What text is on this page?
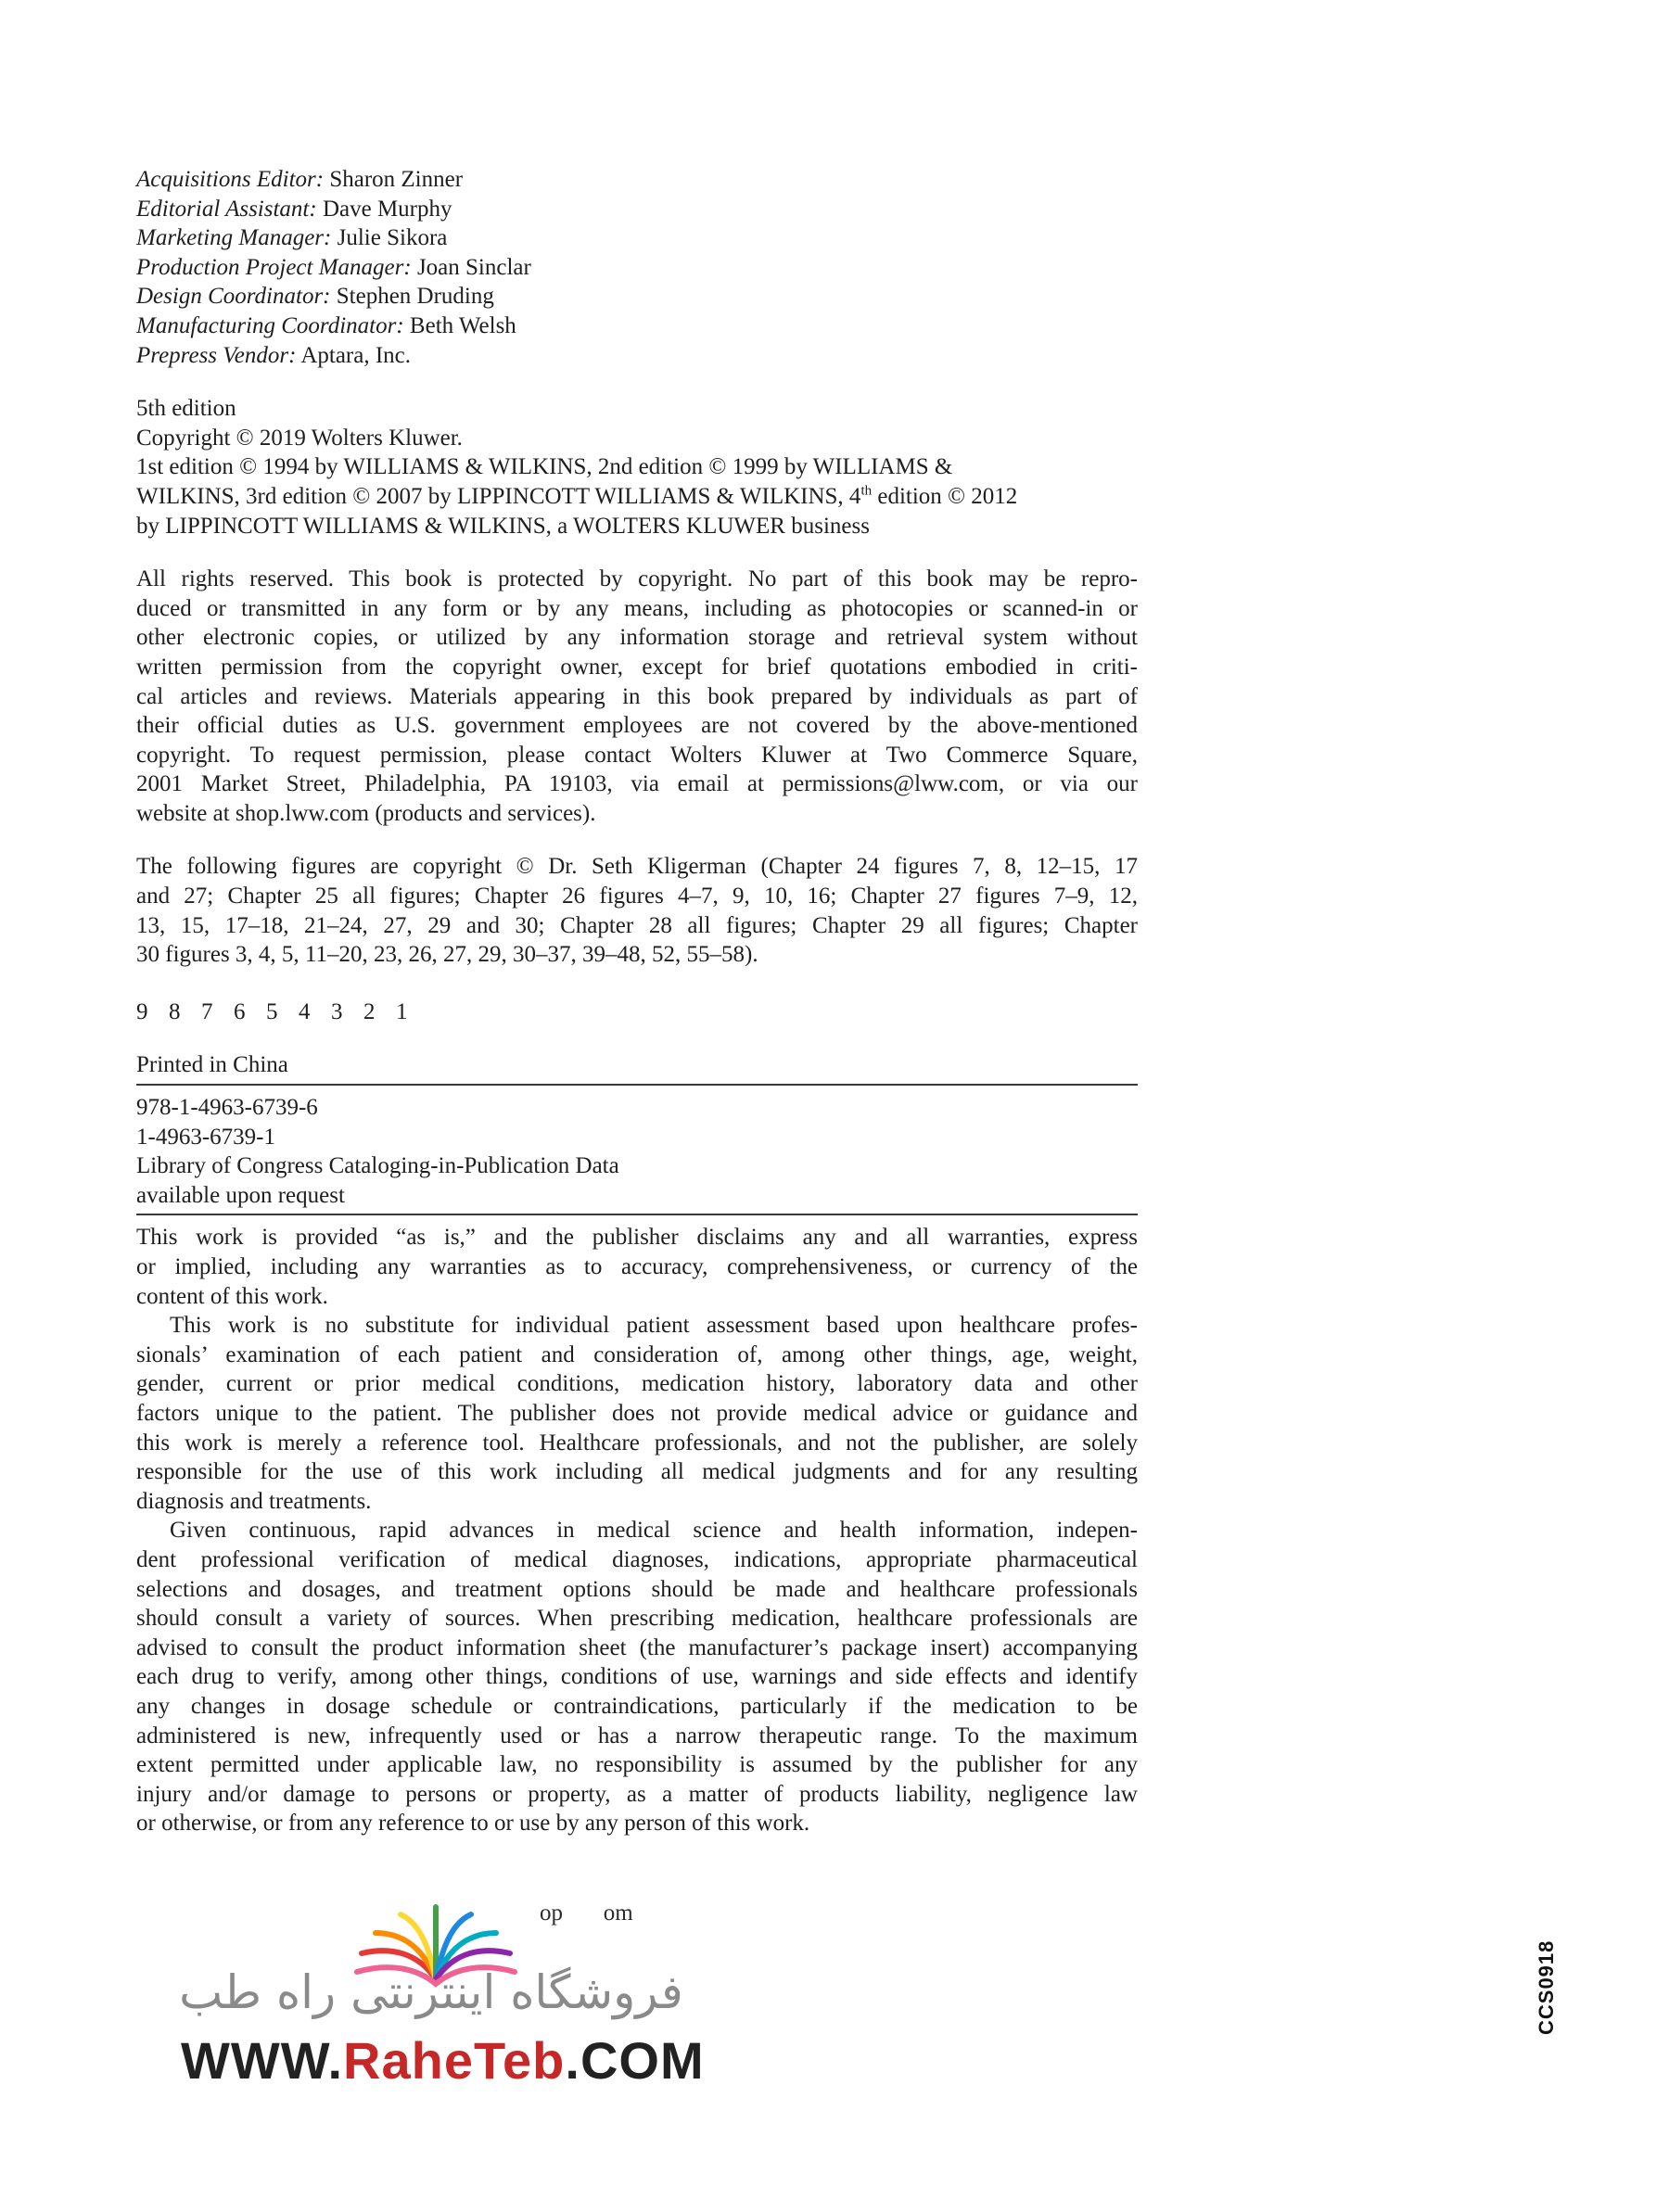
Acquisitions Editor: Sharon Zinner
Editorial Assistant: Dave Murphy
Marketing Manager: Julie Sikora
Production Project Manager: Joan Sinclar
Design Coordinator: Stephen Druding
Manufacturing Coordinator: Beth Welsh
Prepress Vendor: Aptara, Inc.
5th edition
Copyright © 2019 Wolters Kluwer.
1st edition © 1994 by WILLIAMS & WILKINS, 2nd edition © 1999 by WILLIAMS &
WILKINS, 3rd edition © 2007 by LIPPINCOTT WILLIAMS & WILKINS, 4th edition © 2012
by LIPPINCOTT WILLIAMS & WILKINS, a WOLTERS KLUWER business
All rights reserved. This book is protected by copyright. No part of this book may be repro-
duced or transmitted in any form or by any means, including as photocopies or scanned-in or
other electronic copies, or utilized by any information storage and retrieval system without
written permission from the copyright owner, except for brief quotations embodied in criti-
cal articles and reviews. Materials appearing in this book prepared by individuals as part of
their official duties as U.S. government employees are not covered by the above-mentioned
copyright. To request permission, please contact Wolters Kluwer at Two Commerce Square,
2001 Market Street, Philadelphia, PA 19103, via email at permissions@lww.com, or via our
website at shop.lww.com (products and services).
The following figures are copyright © Dr. Seth Kligerman (Chapter 24 figures 7, 8, 12–15, 17
and 27; Chapter 25 all figures; Chapter 26 figures 4–7, 9, 10, 16; Chapter 27 figures 7–9, 12,
13, 15, 17–18, 21–24, 27, 29 and 30; Chapter 28 all figures; Chapter 29 all figures; Chapter
30 figures 3, 4, 5, 11–20, 23, 26, 27, 29, 30–37, 39–48, 52, 55–58).
9 8 7 6 5 4 3 2 1
Printed in China
978-1-4963-6739-6
1-4963-6739-1
Library of Congress Cataloging-in-Publication Data
available upon request
This work is provided “as is,” and the publisher disclaims any and all warranties, express
or implied, including any warranties as to accuracy, comprehensiveness, or currency of the
content of this work.
This work is no substitute for individual patient assessment based upon healthcare profes-
sionals’ examination of each patient and consideration of, among other things, age, weight,
gender, current or prior medical conditions, medication history, laboratory data and other
factors unique to the patient. The publisher does not provide medical advice or guidance and
this work is merely a reference tool. Healthcare professionals, and not the publisher, are solely
responsible for the use of this work including all medical judgments and for any resulting
diagnosis and treatments.
Given continuous, rapid advances in medical science and health information, indepen-
dent professional verification of medical diagnoses, indications, appropriate pharmaceutical
selections and dosages, and treatment options should be made and healthcare professionals
should consult a variety of sources. When prescribing medication, healthcare professionals are
advised to consult the product information sheet (the manufacturer’s package insert) accompanying
each drug to verify, among other things, conditions of use, warnings and side effects and identify
any changes in dosage schedule or contraindications, particularly if the medication to be
administered is new, infrequently used or has a narrow therapeutic range. To the maximum
extent permitted under applicable law, no responsibility is assumed by the publisher for any
injury and/or damage to persons or property, as a matter of products liability, negligence law
or otherwise, or from any reference to or use by any person of this work.
op om
فروشگاه اینترنتی راه طب
WWW.RaheTeb.COM
CCS0918
